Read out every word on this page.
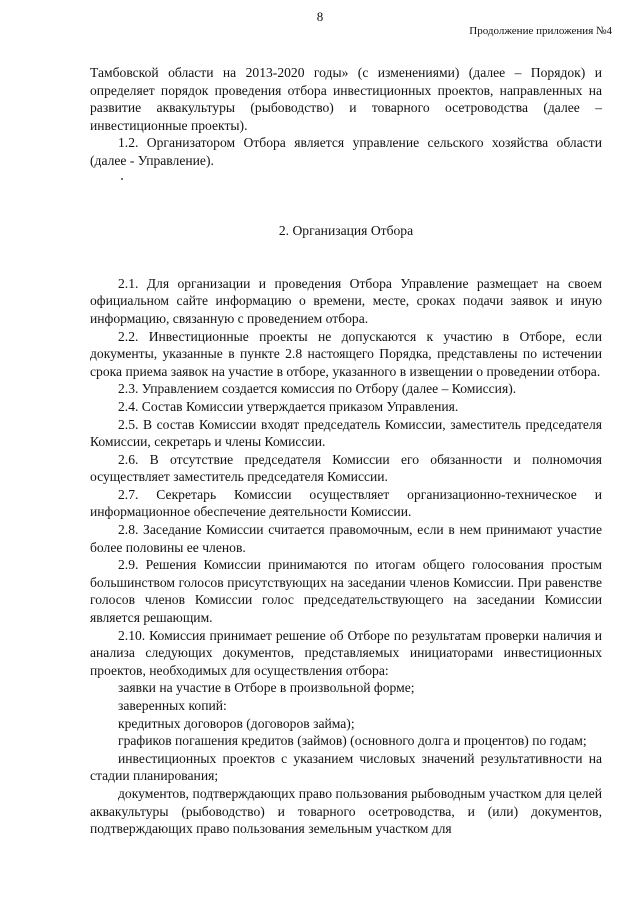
8
Продолжение приложения №4

Тамбовской области на 2013-2020 годы» (с изменениями) (далее – Порядок) и определяет порядок проведения отбора инвестиционных проектов, направленных на развитие аквакультуры (рыбоводство) и товарного осетроводства (далее – инвестиционные проекты).

1.2. Организатором Отбора является управление сельского хозяйства области (далее - Управление).

2. Организация Отбора

2.1. Для организации и проведения Отбора Управление размещает на своем официальном сайте информацию о времени, месте, сроках подачи заявок и иную информацию, связанную с проведением отбора.

2.2. Инвестиционные проекты не допускаются к участию в Отборе, если документы, указанные в пункте 2.8 настоящего Порядка, представлены по истечении срока приема заявок на участие в отборе, указанного в извещении о проведении отбора.

2.3. Управлением создается комиссия по Отбору (далее – Комиссия).

2.4. Состав Комиссии утверждается приказом Управления.

2.5. В состав Комиссии входят председатель Комиссии, заместитель председателя Комиссии, секретарь и члены Комиссии.

2.6. В отсутствие председателя Комиссии его обязанности и полномочия осуществляет заместитель председателя Комиссии.

2.7. Секретарь Комиссии осуществляет организационно-техническое и информационное обеспечение деятельности Комиссии.

2.8. Заседание Комиссии считается правомочным, если в нем принимают участие более половины ее членов.

2.9. Решения Комиссии принимаются по итогам общего голосования простым большинством голосов присутствующих на заседании членов Комиссии. При равенстве голосов членов Комиссии голос председательствующего на заседании Комиссии является решающим.

2.10. Комиссия принимает решение об Отборе по результатам проверки наличия и анализа следующих документов, представляемых инициаторами инвестиционных проектов, необходимых для осуществления отбора:

заявки на участие в Отборе в произвольной форме;

заверенных копий:

кредитных договоров (договоров займа);

графиков погашения кредитов (займов) (основного долга и процентов) по годам;

инвестиционных проектов с указанием числовых значений результативности на стадии планирования;

документов, подтверждающих право пользования рыбоводным участком для целей аквакультуры (рыбоводство) и товарного осетроводства, и (или) документов, подтверждающих право пользования земельным участком для
